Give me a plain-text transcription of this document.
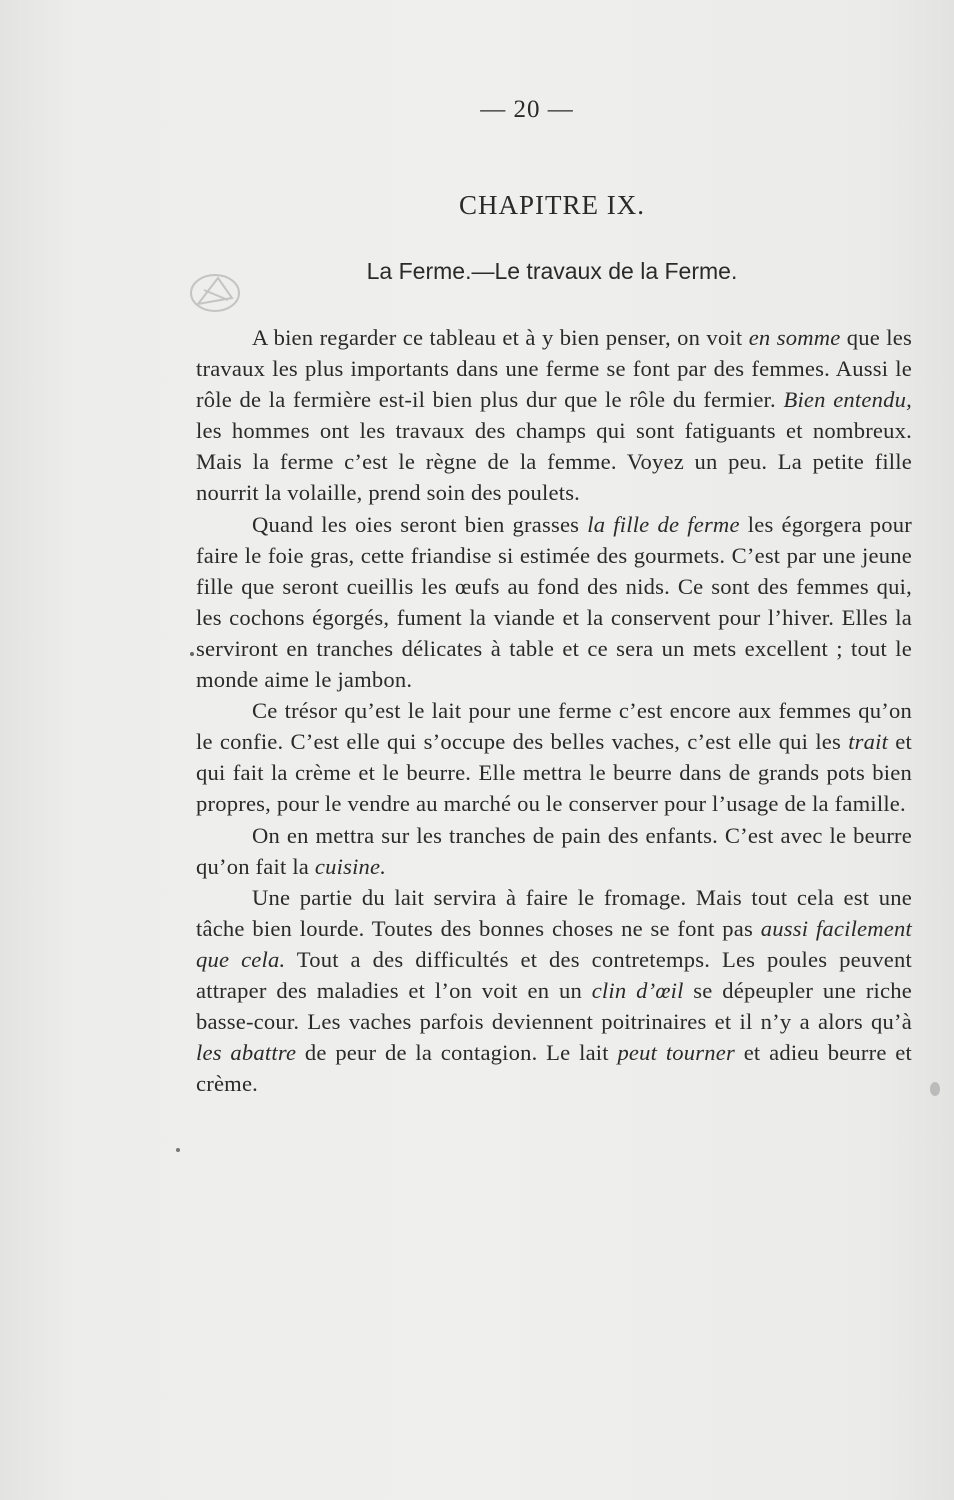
— 20 —
CHAPITRE IX.
La Ferme.—Le travaux de la Ferme.

A bien regarder ce tableau et à y bien penser, on voit en somme que les travaux les plus importants dans une ferme se font par des femmes. Aussi le rôle de la fermière est-il bien plus dur que le rôle du fermier. Bien entendu, les hommes ont les travaux des champs qui sont fatiguants et nombreux. Mais la ferme c’est le règne de la femme. Voyez un peu. La petite fille nourrit la volaille, prend soin des poulets.

Quand les oies seront bien grasses la fille de ferme les égorgera pour faire le foie gras, cette friandise si estimée des gourmets. C’est par une jeune fille que seront cueillis les œufs au fond des nids. Ce sont des femmes qui, les cochons égorgés, fument la viande et la conservent pour l’hiver. Elles la serviront en tranches délicates à table et ce sera un mets excellent ; tout le monde aime le jambon.

Ce trésor qu’est le lait pour une ferme c’est encore aux femmes qu’on le confie. C’est elle qui s’occupe des belles vaches, c’est elle qui les trait et qui fait la crème et le beurre. Elle mettra le beurre dans de grands pots bien propres, pour le vendre au marché ou le conserver pour l’usage de la famille.

On en mettra sur les tranches de pain des enfants. C’est avec le beurre qu’on fait la cuisine.

Une partie du lait servira à faire le fromage. Mais tout cela est une tâche bien lourde. Toutes des bonnes choses ne se font pas aussi facilement que cela. Tout a des difficultés et des contretemps. Les poules peuvent attraper des maladies et l’on voit en un clin d’œil se dépeupler une riche basse-cour. Les vaches parfois deviennent poitrinaires et il n’y a alors qu’à les abattre de peur de la contagion. Le lait peut tourner et adieu beurre et crème.
